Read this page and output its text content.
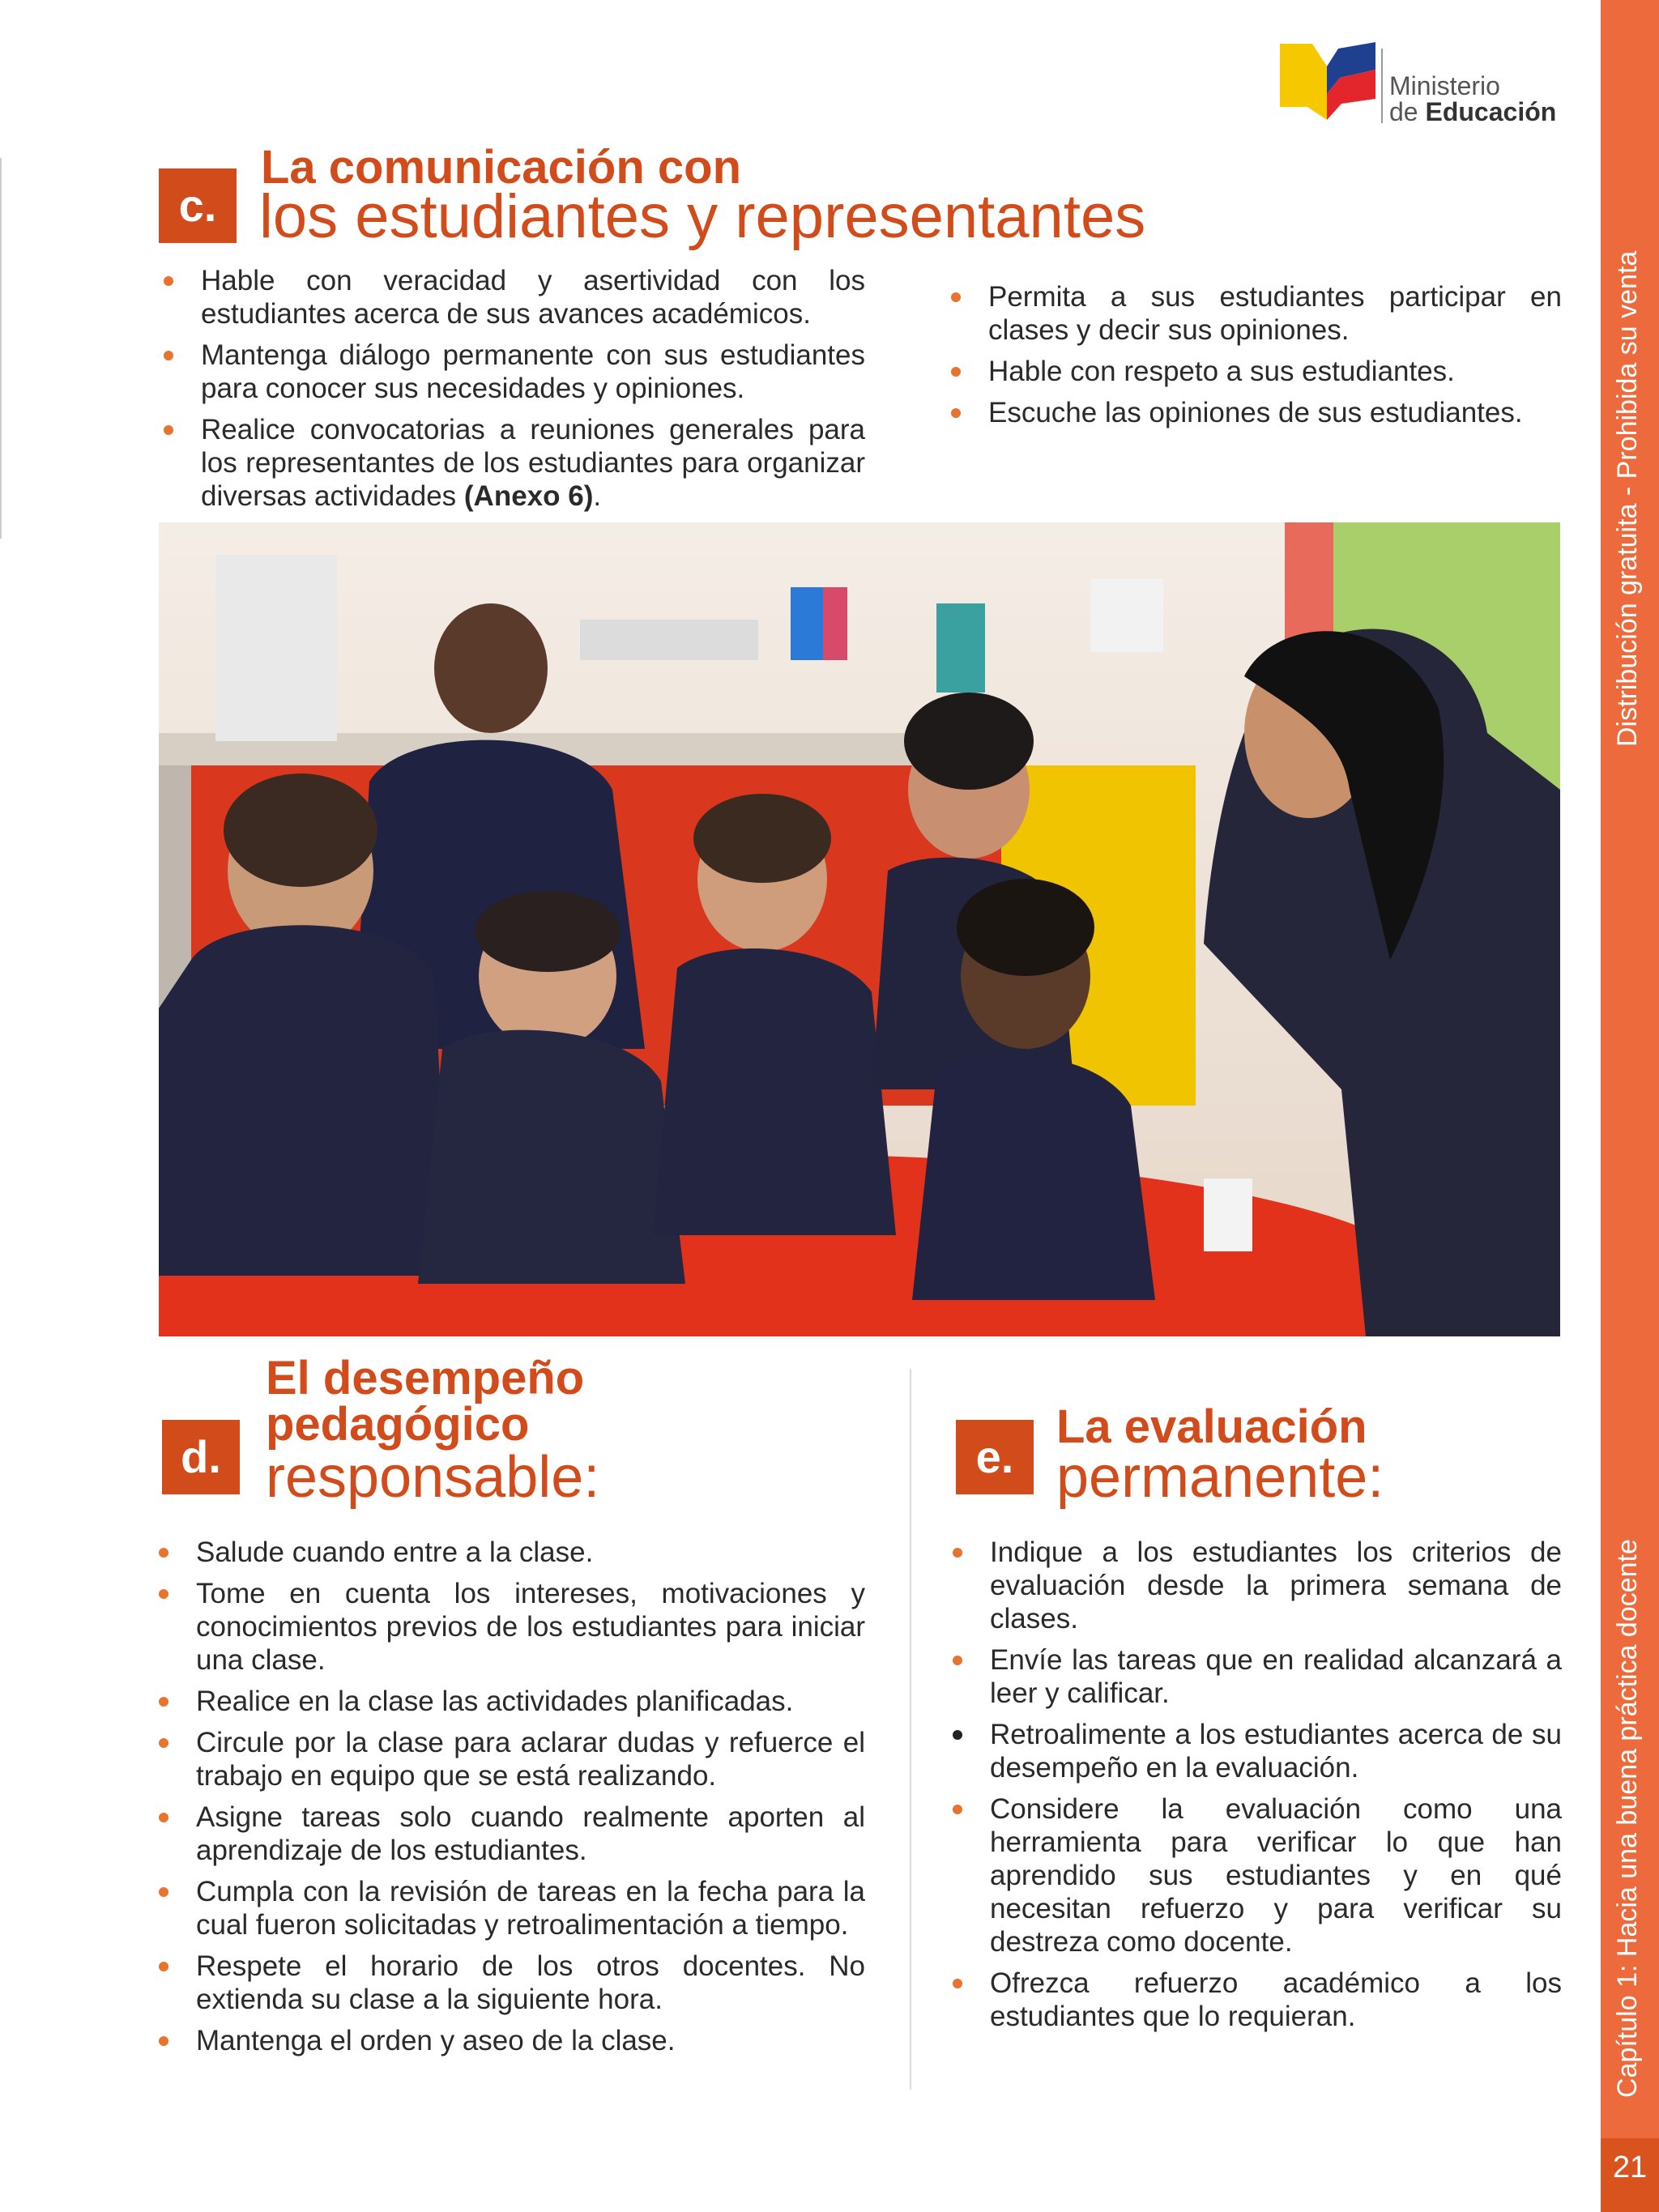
Ministerio
de Educación
Distribución gratuita - Prohibida su venta
Capítulo 1: Hacia una buena práctica docente
21
c.
La comunicación con
los estudiantes y representantes
Hable con veracidad y asertividad con los estudiantes acerca de sus avances académicos.
Mantenga diálogo permanente con sus estudiantes para conocer sus necesidades y opiniones.
Realice convocatorias a reuniones generales para los representantes de los estudiantes para organizar diversas actividades (Anexo 6).
Permita a sus estudiantes participar en clases y decir sus opiniones.
Hable con respeto a sus estudiantes.
Escuche las opiniones de sus estudiantes.
d.
El desempeño
pedagógico
responsable:
Salude cuando entre a la clase.
Tome en cuenta los intereses, motivaciones y conocimientos previos de los estudiantes para iniciar una clase.
Realice en la clase las actividades planificadas.
Circule por la clase para aclarar dudas y refuerce el trabajo en equipo que se está realizando.
Asigne tareas solo cuando realmente aporten al aprendizaje de los estudiantes.
Cumpla con la revisión de tareas en la fecha para la cual fueron solicitadas y retroalimentación a tiempo.
Respete el horario de los otros docentes. No extienda su clase a la siguiente hora.
Mantenga el orden y aseo de la clase.
e.
La evaluación
permanente:
Indique a los estudiantes los criterios de evaluación desde la primera semana de clases.
Envíe las tareas que en realidad alcanzará a leer y calificar.
Retroalimente a los estudiantes acerca de su desempeño en la evaluación.
Considere la evaluación como una herramienta para verificar lo que han aprendido sus estudiantes y en qué necesitan refuerzo y para verificar su destreza como docente.
Ofrezca refuerzo académico a los estudiantes que lo requieran.
